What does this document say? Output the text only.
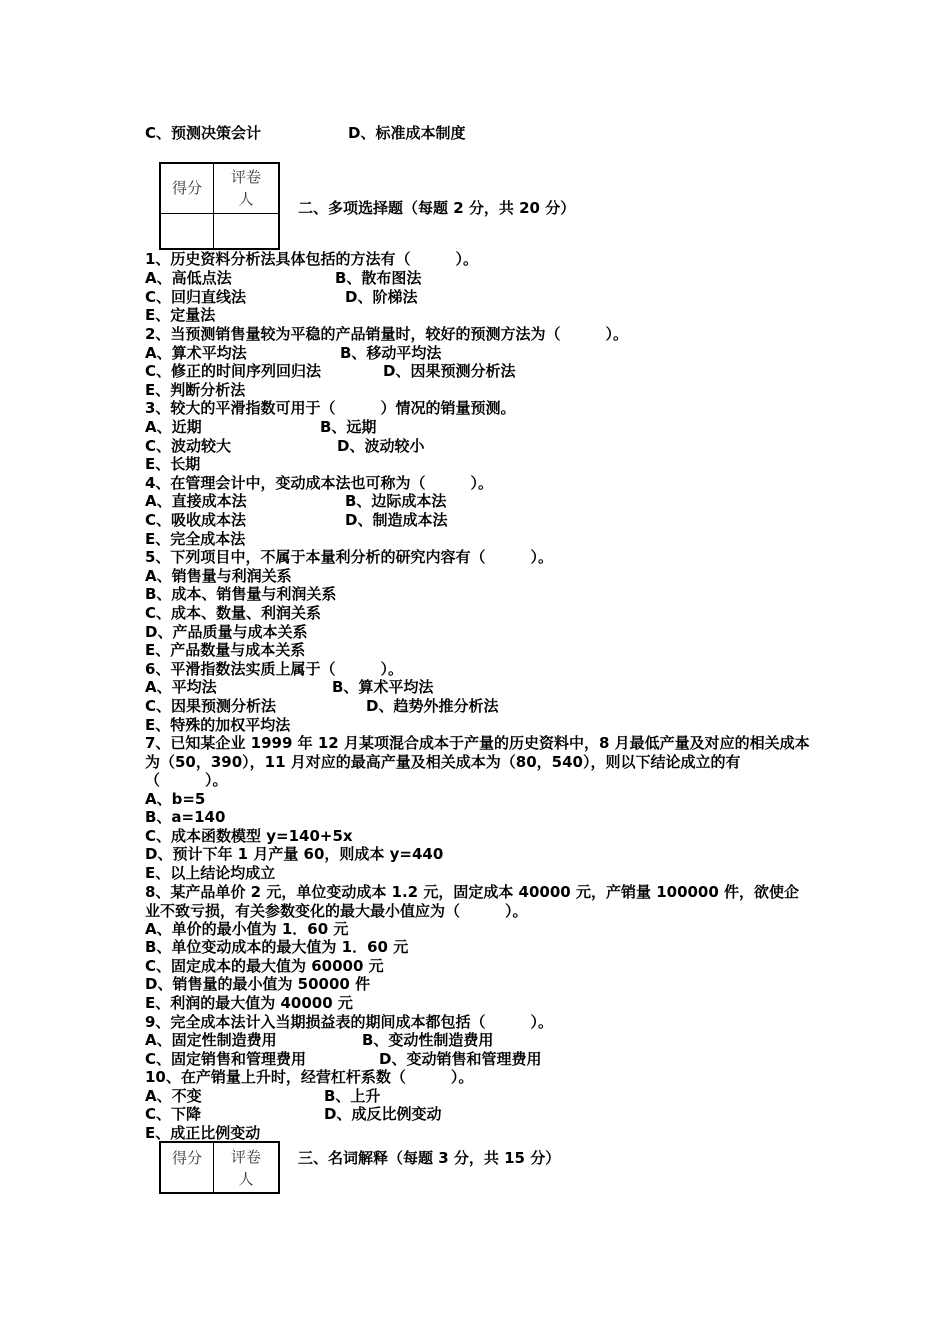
C、预测决策会计	D、标准成本制度
得分	评卷人
		二、多项选择题（每题 2 分，共 20 分）
1、历史资料分析法具体包括的方法有（　　　）。
A、高低点法	B、散布图法
C、回归直线法	D、阶梯法
E、定量法
2、当预测销售量较为平稳的产品销量时，较好的预测方法为（　　　）。
A、算术平均法	B、移动平均法
C、修正的时间序列回归法	D、因果预测分析法
E、判断分析法
3、较大的平滑指数可用于（　　　）情况的销量预测。
A、近期	B、远期
C、波动较大	D、波动较小
E、长期
4、在管理会计中，变动成本法也可称为（　　　）。
A、直接成本法	B、边际成本法
C、吸收成本法	D、制造成本法
E、完全成本法
5、下列项目中，不属于本量利分析的研究内容有（　　　）。
A、销售量与利润关系
B、成本、销售量与利润关系
C、成本、数量、利润关系
D、产品质量与成本关系
E、产品数量与成本关系
6、平滑指数法实质上属于（　　　）。
A、平均法	B、算术平均法
C、因果预测分析法	D、趋势外推分析法
E、特殊的加权平均法
7、已知某企业 1999 年 12 月某项混合成本于产量的历史资料中，8 月最低产量及对应的相关成本为（50，390），11 月对应的最高产量及相关成本为（80，540），则以下结论成立的有（　　　）。
A、b=5
B、a=140
C、成本函数模型 y=140+5x
D、预计下年 1 月产量 60，则成本 y=440
E、以上结论均成立
8、某产品单价 2 元，单位变动成本 1.2 元，固定成本 40000 元，产销量 100000 件，欲使企业不致亏损，有关参数变化的最大最小值应为（　　　）。
A、单价的最小值为 1．60 元
B、单位变动成本的最大值为 1．60 元
C、固定成本的最大值为 60000 元
D、销售量的最小值为 50000 件
E、利润的最大值为 40000 元
9、完全成本法计入当期损益表的期间成本都包括（　　　）。
A、固定性制造费用	B、变动性制造费用
C、固定销售和管理费用	D、变动销售和管理费用
10、在产销量上升时，经营杠杆系数（　　　）。
A、不变	B、上升
C、下降	D、成反比例变动
E、成正比例变动
得分	评卷人
三、名词解释（每题 3 分，共 15 分）
